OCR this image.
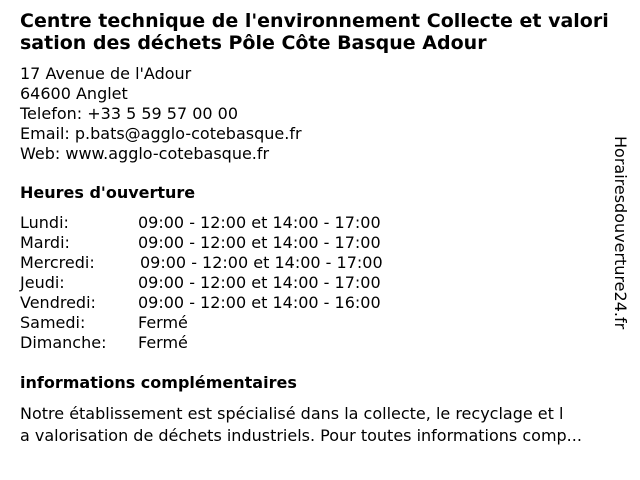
Centre technique de l'environnement Collecte et valorisation des déchets Pôle Côte Basque Adour
17 Avenue de l'Adour
64600 Anglet
Telefon: +33 5 59 57 00 00
Email: p.bats@agglo-cotebasque.fr
Web: www.agglo-cotebasque.fr
Heures d'ouverture
Lundi:	09:00 - 12:00 et 14:00 - 17:00
Mardi:	09:00 - 12:00 et 14:00 - 17:00
Mercredi:	09:00 - 12:00 et 14:00 - 17:00
Jeudi:	09:00 - 12:00 et 14:00 - 17:00
Vendredi:	09:00 - 12:00 et 14:00 - 16:00
Samedi:	Fermé
Dimanche: Fermé
informations complémentaires
Notre établissement est spécialisé dans la collecte, le recyclage et l
a valorisation de déchets industriels. Pour toutes informations comp...
Horairesdouverture24.fr
